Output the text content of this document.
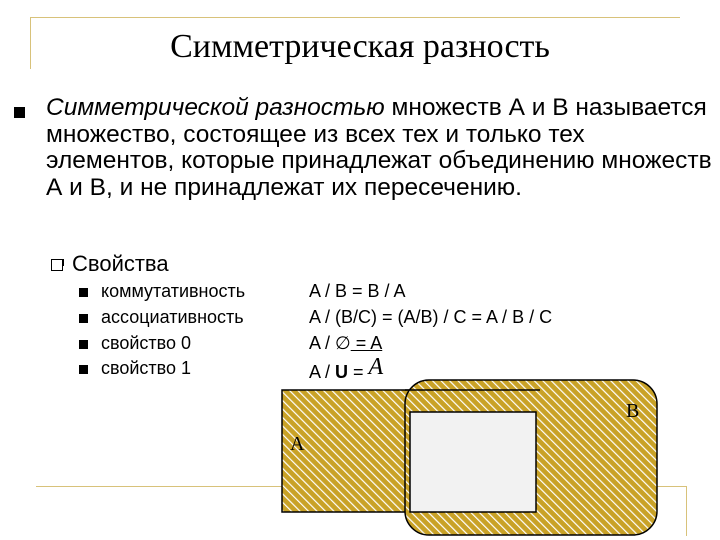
Симметрическая разность
Симметрической разностью множеств А и В называется множество, состоящее из всех тех и только тех элементов, которые принадлежат объединению множеств А и В, и не принадлежат их пересечению.
Свойства
коммутативность	A / B = B / A
ассоциативность	A / (B/C) = (A/B) / C = A / B / C
свойство 0	A / ∅ = A
свойство 1	A / U = A
A
B
